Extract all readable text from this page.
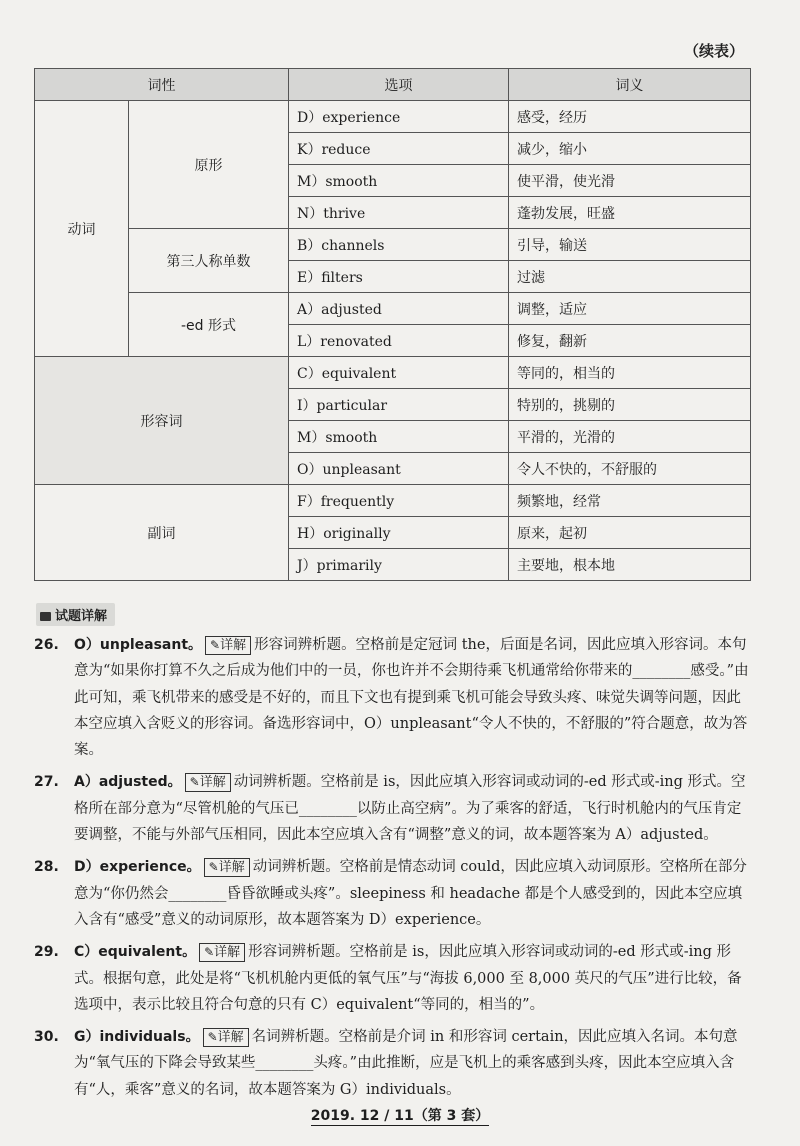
（续表）
词性		选项	词义
动词	原形	D）experience	感受，经历
		K）reduce	减少，缩小
		M）smooth	使平滑，使光滑
		N）thrive	蓬勃发展，旺盛
	第三人称单数	B）channels	引导，输送
		E）filters	过滤
	-ed 形式	A）adjusted	调整，适应
		L）renovated	修复，翻新
形容词		C）equivalent	等同的，相当的
		I）particular	特别的，挑剔的
		M）smooth	平滑的，光滑的
		O）unpleasant	令人不快的，不舒服的
副词		F）frequently	频繁地，经常
		H）originally	原来，起初
		J）primarily	主要地，根本地
试题详解
26. O）unpleasant。 ✎详解 形容词辨析题。空格前是定冠词 the，后面是名词，因此应填入形容词。本句意为“如果你打算不久之后成为他们中的一员，你也许并不会期待乘飞机通常给你带来的________感受。”由此可知，乘飞机带来的感受是不好的，而且下文也有提到乘飞机可能会导致头疼、味觉失调等问题，因此本空应填入含贬义的形容词。备选形容词中，O）unpleasant“令人不快的，不舒服的”符合题意，故为答案。
27. A）adjusted。 ✎详解 动词辨析题。空格前是 is，因此应填入形容词或动词的-ed 形式或-ing 形式。空格所在部分意为“尽管机舱的气压已________以防止高空病”。为了乘客的舒适，飞行时机舱内的气压肯定要调整，不能与外部气压相同，因此本空应填入含有“调整”意义的词，故本题答案为 A）adjusted。
28. D）experience。 ✎详解 动词辨析题。空格前是情态动词 could，因此应填入动词原形。空格所在部分意为“你仍然会________昏昏欲睡或头疼”。sleepiness 和 headache 都是个人感受到的，因此本空应填入含有“感受”意义的动词原形，故本题答案为 D）experience。
29. C）equivalent。 ✎详解 形容词辨析题。空格前是 is，因此应填入形容词或动词的-ed 形式或-ing 形式。根据句意，此处是将“飞机机舱内更低的氧气压”与“海拔 6,000 至 8,000 英尺的气压”进行比较，备选项中，表示比较且符合句意的只有 C）equivalent“等同的，相当的”。
30. G）individuals。 ✎详解 名词辨析题。空格前是介词 in 和形容词 certain，因此应填入名词。本句意为“氧气压的下降会导致某些________头疼。”由此推断，应是飞机上的乘客感到头疼，因此本空应填入含有“人，乘客”意义的名词，故本题答案为 G）individuals。
2019. 12 / 11（第 3 套）
